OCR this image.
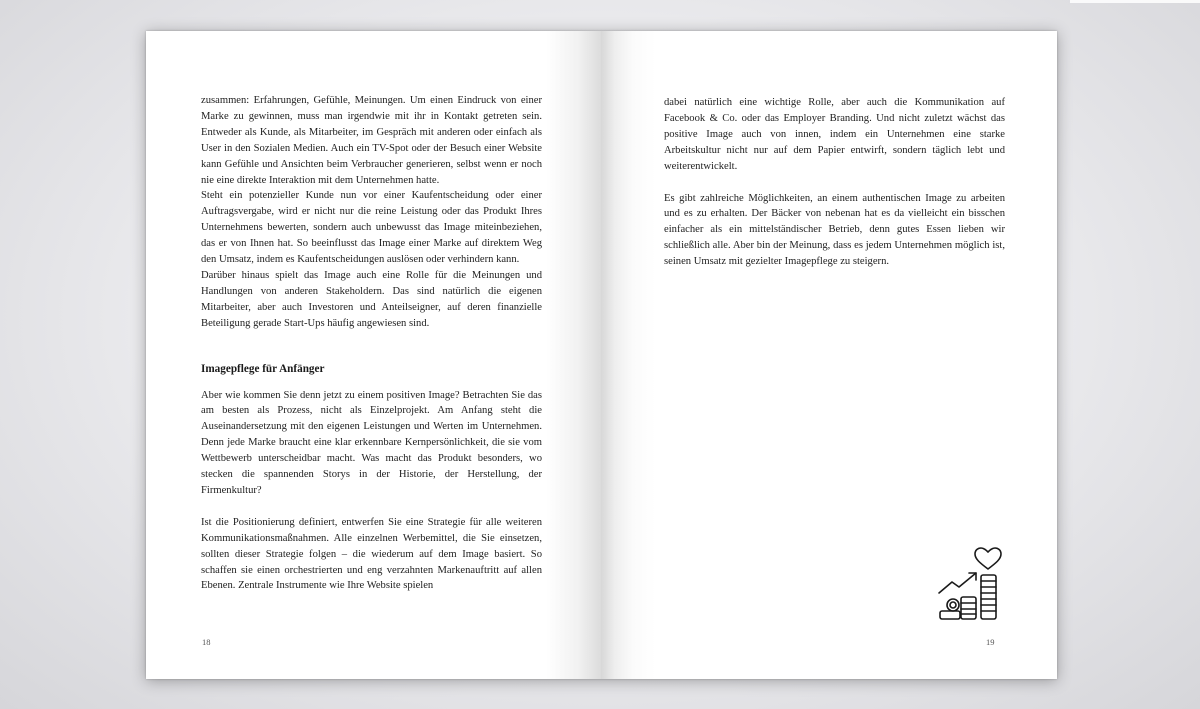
zusammen: Erfahrungen, Gefühle, Meinungen. Um einen Eindruck von einer Marke zu gewinnen, muss man irgendwie mit ihr in Kontakt getreten sein. Entweder als Kunde, als Mitarbeiter, im Gespräch mit anderen oder einfach als User in den Sozialen Medien. Auch ein TV-Spot oder der Besuch einer Website kann Gefühle und Ansichten beim Verbraucher generieren, selbst wenn er noch nie eine direkte Interaktion mit dem Unternehmen hatte.

Steht ein potenzieller Kunde nun vor einer Kaufentscheidung oder einer Auftragsvergabe, wird er nicht nur die reine Leistung oder das Produkt Ihres Unternehmens bewerten, sondern auch unbewusst das Image miteinbeziehen, das er von Ihnen hat. So beeinflusst das Image einer Marke auf direktem Weg den Umsatz, indem es Kaufentscheidungen auslösen oder verhindern kann.

Darüber hinaus spielt das Image auch eine Rolle für die Meinungen und Handlungen von anderen Stakeholdern. Das sind natürlich die eigenen Mitarbeiter, aber auch Investoren und Anteilseigner, auf deren finanzielle Beteiligung gerade Start-Ups häufig angewiesen sind.

Imagepflege für Anfänger

Aber wie kommen Sie denn jetzt zu einem positiven Image? Betrachten Sie das am besten als Prozess, nicht als Einzelprojekt. Am Anfang steht die Auseinandersetzung mit den eigenen Leistungen und Werten im Unternehmen. Denn jede Marke braucht eine klar erkennbare Kernpersönlichkeit, die sie vom Wettbewerb unterscheidbar macht. Was macht das Produkt besonders, wo stecken die spannenden Storys in der Historie, der Herstellung, der Firmenkultur?

Ist die Positionierung definiert, entwerfen Sie eine Strategie für alle weiteren Kommunikationsmaßnahmen. Alle einzelnen Werbemittel, die Sie einsetzen, sollten dieser Strategie folgen – die wiederum auf dem Image basiert. So schaffen sie einen orchestrierten und eng verzahnten Markenauftritt auf allen Ebenen. Zentrale Instrumente wie Ihre Website spielen

18

dabei natürlich eine wichtige Rolle, aber auch die Kommunikation auf Facebook & Co. oder das Employer Branding. Und nicht zuletzt wächst das positive Image auch von innen, indem ein Unternehmen eine starke Arbeitskultur nicht nur auf dem Papier entwirft, sondern täglich lebt und weiterentwickelt.

Es gibt zahlreiche Möglichkeiten, an einem authentischen Image zu arbeiten und es zu erhalten. Der Bäcker von nebenan hat es da vielleicht ein bisschen einfacher als ein mittelständischer Betrieb, denn gutes Essen lieben wir schließlich alle. Aber bin der Meinung, dass es jedem Unternehmen möglich ist, seinen Umsatz mit gezielter Imagepflege zu steigern.

19
